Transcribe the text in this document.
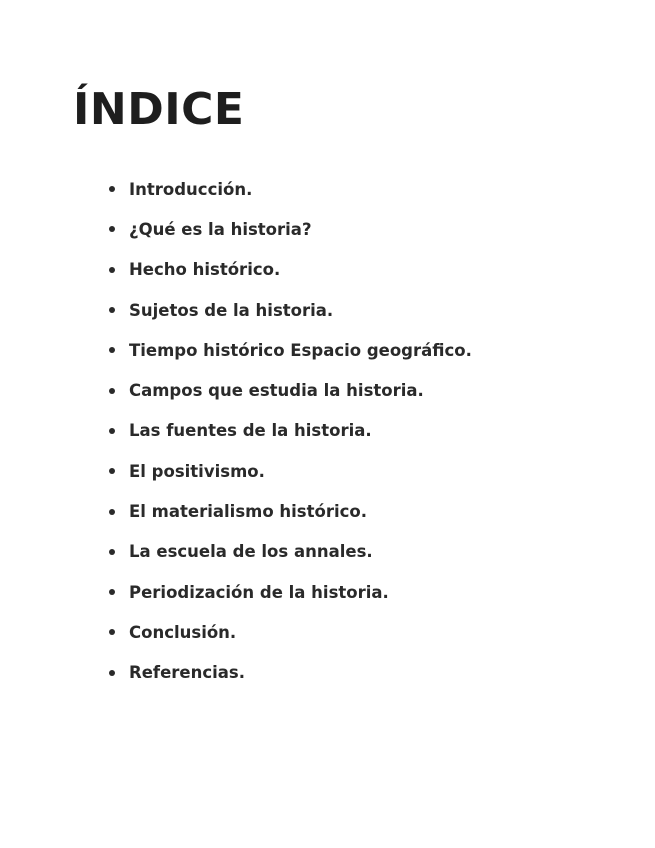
ÍNDICE
Introducción.
¿Qué es la historia?
Hecho histórico.
Sujetos de la historia.
Tiempo histórico Espacio geográfico.
Campos que estudia la historia.
Las fuentes de la historia.
El positivismo.
El materialismo histórico.
La escuela de los annales.
Periodización de la historia.
Conclusión.
Referencias.
